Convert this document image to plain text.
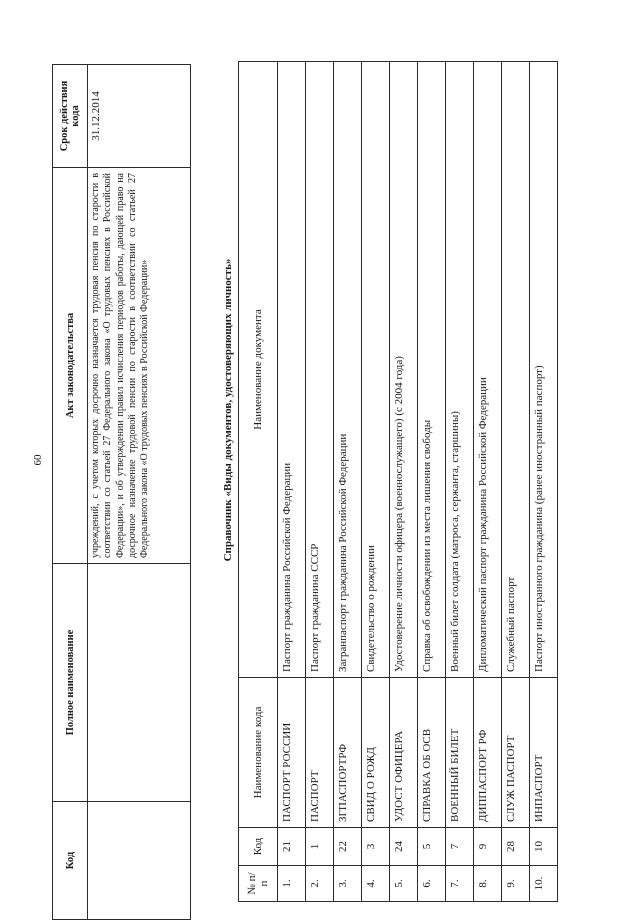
60
Код	Полное наименование	Акт законодательства	Срок действия кода
		учреждений, с учетом которых досрочно назначается трудовая пенсия по старости в соответствии со статьей 27 Федерального закона «О трудовых пенсиях в Российской Федерации», и об утверждении правил исчисления периодов работы, дающей право на досрочное назначение трудовой пенсии по старости в соответствии со статьей 27 Федерального закона «О трудовых пенсиях в Российской Федерации»	31.12.2014
Справочник «Виды документов, удостоверяющих личность»
№ п/п	Код	Наименование кода	Наименование документа
1.	21	ПАСПОРТ РОССИИ	Паспорт гражданина Российской Федерации
2.	1	ПАСПОРТ	Паспорт гражданина СССР
3.	22	ЗГПАСПОРТРФ	Загранпаспорт гражданина Российской Федерации
4.	3	СВИД О РОЖД	Свидетельство о рождении
5.	24	УДОСТ ОФИЦЕРА	Удостоверение личности офицера (военнослужащего) (с 2004 года)
6.	5	СПРАВКА ОБ ОСВ	Справка об освобождении из места лишения свободы
7.	7	ВОЕННЫЙ БИЛЕТ	Военный билет солдата (матроса, сержанта, старшины)
8.	9	ДИППАСПОРТ РФ	Дипломатический паспорт гражданина Российской Федерации
9.	28	СЛУЖ ПАСПОРТ	Служебный паспорт
10.	10	ИНПАСПОРТ	Паспорт иностранного гражданина (ранее иностранный паспорт)
